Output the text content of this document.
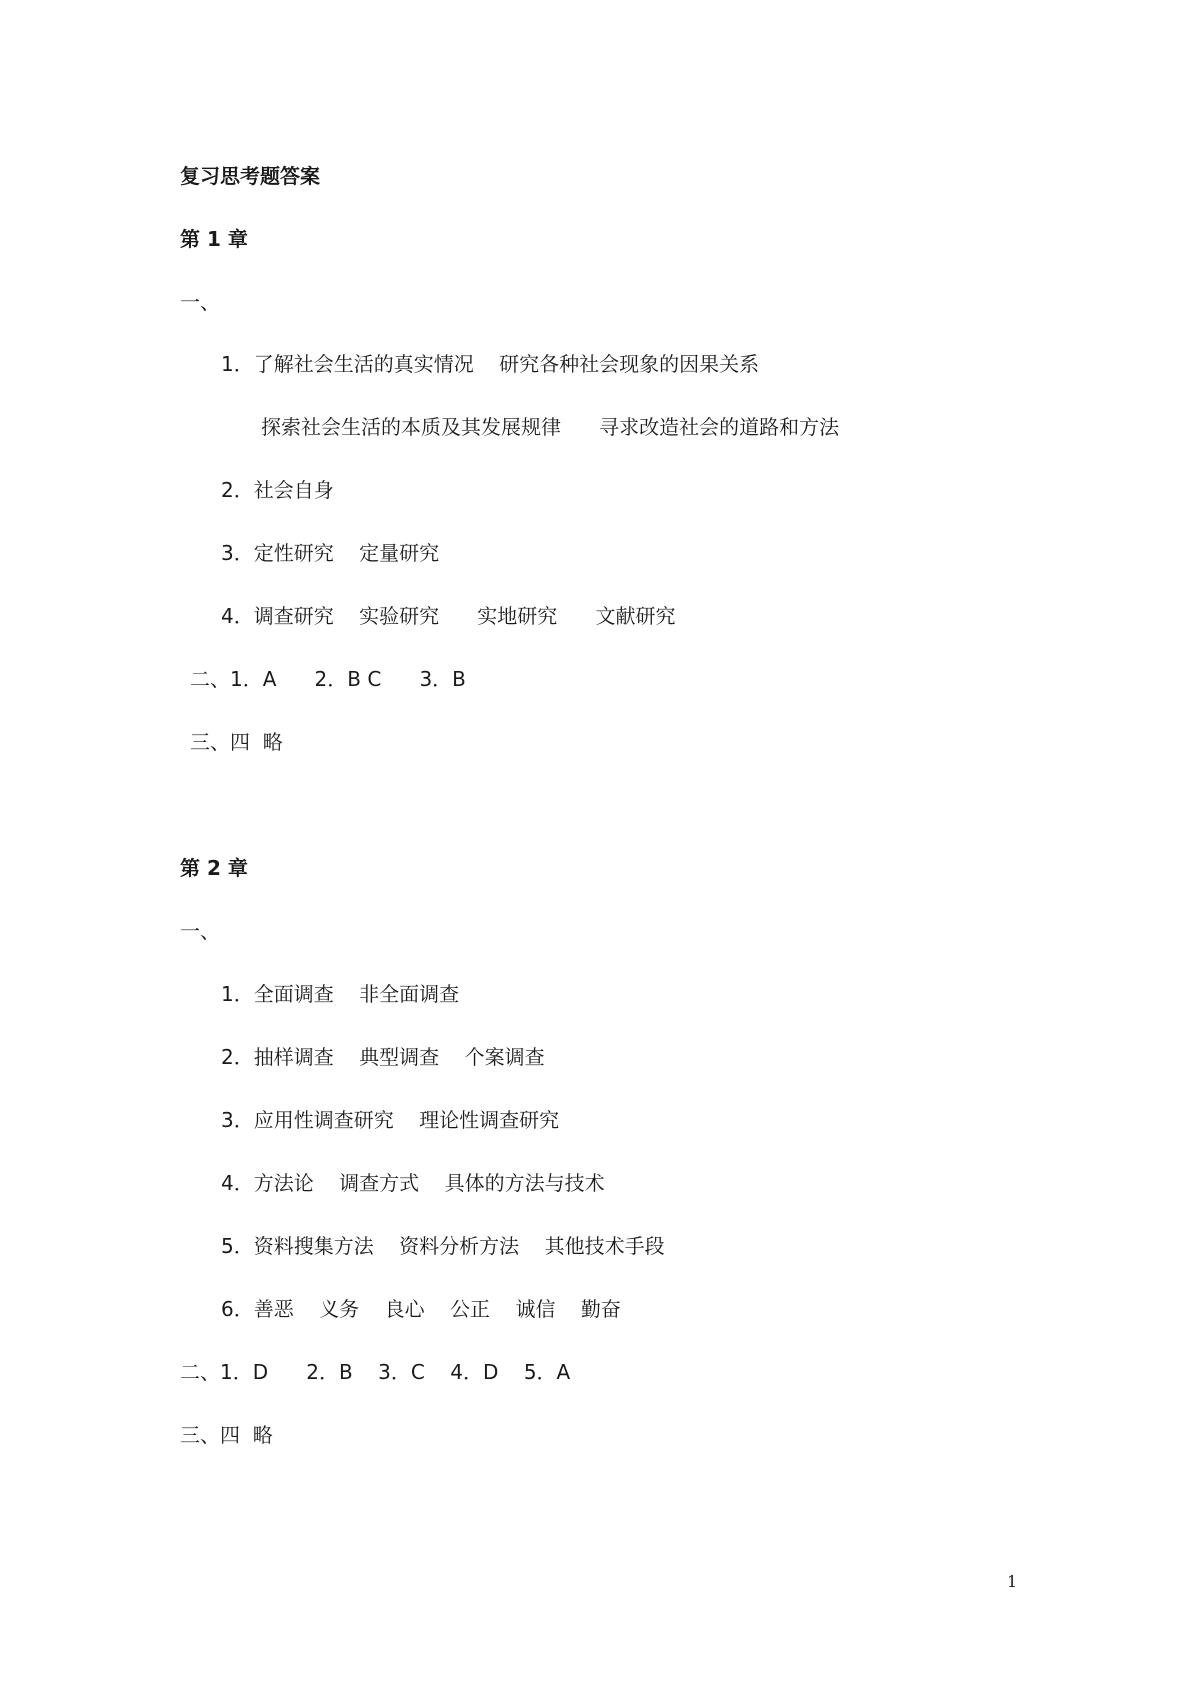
复习思考题答案
第 1 章
一、
1．了解社会生活的真实情况    研究各种社会现象的因果关系
探索社会生活的本质及其发展规律      寻求改造社会的道路和方法
2．社会自身
3．定性研究    定量研究
4．调查研究    实验研究      实地研究      文献研究
二、1．A      2．B C      3．B
三、四  略
第 2 章
一、
1．全面调查    非全面调查
2．抽样调查    典型调查    个案调查
3．应用性调查研究    理论性调查研究
4．方法论    调查方式    具体的方法与技术
5．资料搜集方法    资料分析方法    其他技术手段
6．善恶    义务    良心    公正    诚信    勤奋
二、1．D      2．B    3．C    4．D    5．A
三、四  略
1
